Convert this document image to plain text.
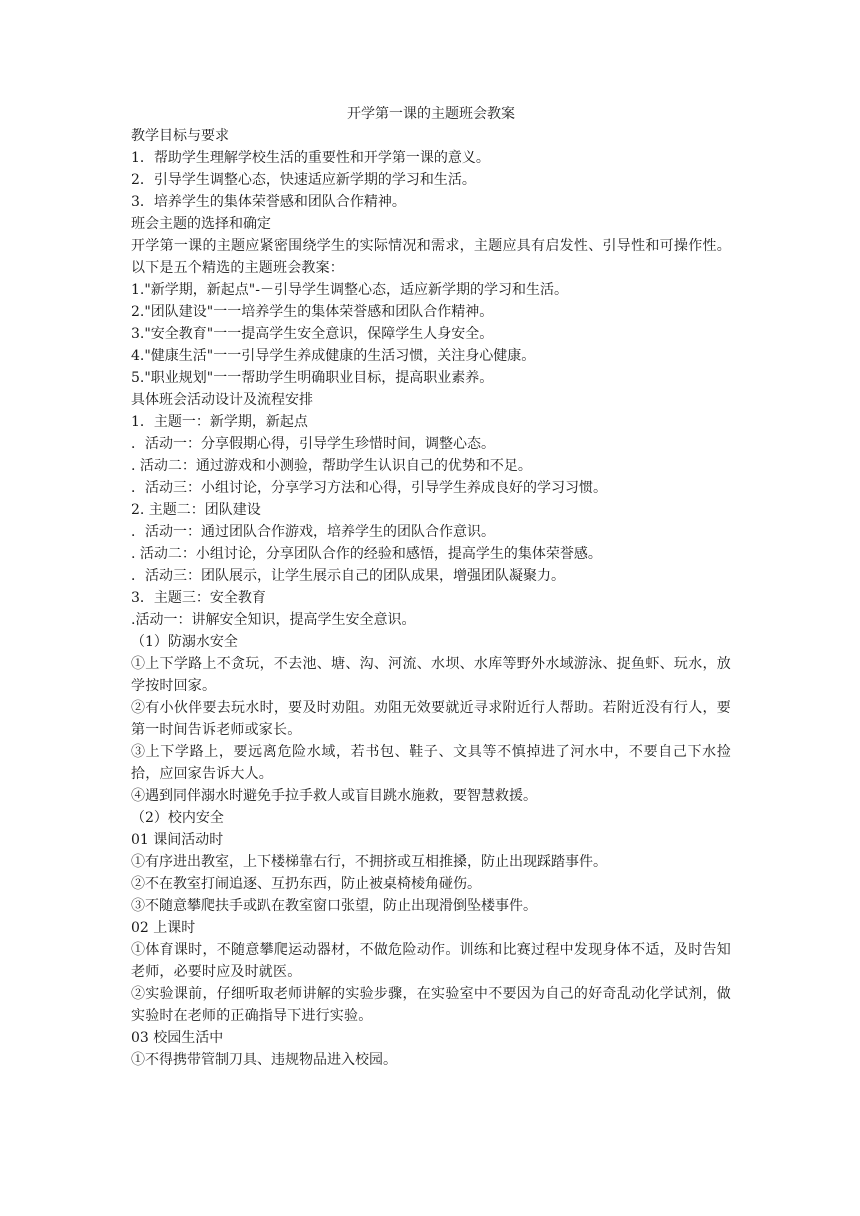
开学第一课的主题班会教案

教学目标与要求

1．帮助学生理解学校生活的重要性和开学第一课的意义。

2．引导学生调整心态，快速适应新学期的学习和生活。

3．培养学生的集体荣誉感和团队合作精神。

班会主题的选择和确定

开学第一课的主题应紧密围绕学生的实际情况和需求，主题应具有启发性、引导性和可操作性。以下是五个精选的主题班会教案：

1."新学期，新起点"-－引导学生调整心态，适应新学期的学习和生活。

2."团队建设"一一培养学生的集体荣誉感和团队合作精神。

3."安全教育"一一提高学生安全意识，保障学生人身安全。

4."健康生活"一一引导学生养成健康的生活习惯，关注身心健康。

5."职业规划"一一帮助学生明确职业目标，提高职业素养。

具体班会活动设计及流程安排

1．主题一：新学期，新起点

．活动一：分享假期心得，引导学生珍惜时间，调整心态。

. 活动二：通过游戏和小测验，帮助学生认识自己的优势和不足。

．活动三：小组讨论，分享学习方法和心得，引导学生养成良好的学习习惯。

2. 主题二：团队建设

．活动一：通过团队合作游戏，培养学生的团队合作意识。

. 活动二：小组讨论，分享团队合作的经验和感悟，提高学生的集体荣誉感。

．活动三：团队展示，让学生展示自己的团队成果，增强团队凝聚力。

3．主题三：安全教育

.活动一：讲解安全知识，提高学生安全意识。

（1）防溺水安全

①上下学路上不贪玩，不去池、塘、沟、河流、水坝、水库等野外水域游泳、捉鱼虾、玩水，放学按时回家。

②有小伙伴要去玩水时，要及时劝阻。劝阻无效要就近寻求附近行人帮助。若附近没有行人，要第一时间告诉老师或家长。

③上下学路上，要远离危险水域，若书包、鞋子、文具等不慎掉进了河水中，不要自己下水捡拾，应回家告诉大人。

④遇到同伴溺水时避免手拉手救人或盲目跳水施救，要智慧救援。

（2）校内安全

01 课间活动时

①有序进出教室，上下楼梯靠右行，不拥挤或互相推搡，防止出现踩踏事件。

②不在教室打闹追逐、互扔东西，防止被桌椅棱角碰伤。

③不随意攀爬扶手或趴在教室窗口张望，防止出现滑倒坠楼事件。

02 上课时

①体育课时，不随意攀爬运动器材，不做危险动作。训练和比赛过程中发现身体不适，及时告知老师，必要时应及时就医。

②实验课前，仔细听取老师讲解的实验步骤，在实验室中不要因为自己的好奇乱动化学试剂，做实验时在老师的正确指导下进行实验。

03 校园生活中

①不得携带管制刀具、违规物品进入校园。
